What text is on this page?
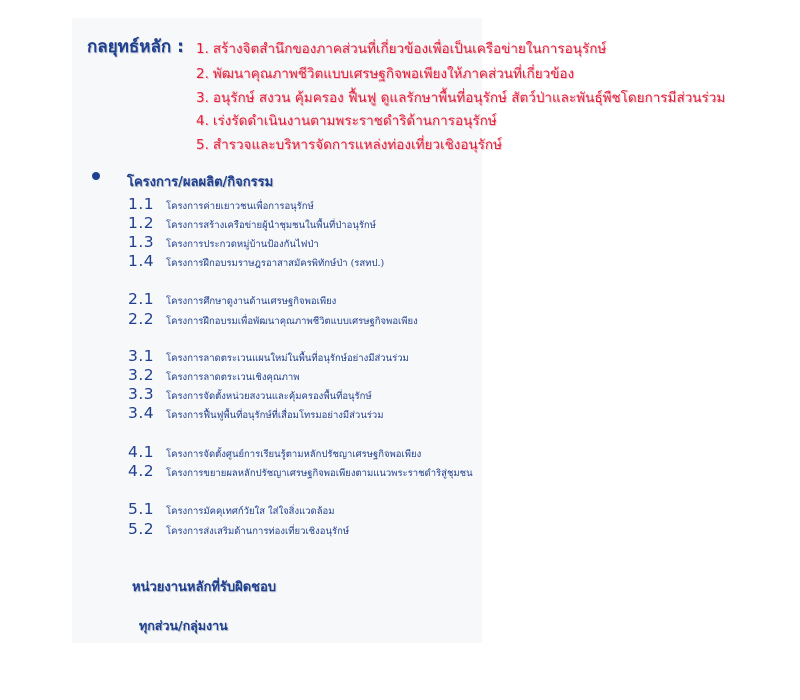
กลยุทธ์หลัก : 1. สร้างจิตสำนึกของภาคส่วนที่เกี่ยวข้องเพื่อเป็นเครือข่ายในการอนุรักษ์
2. พัฒนาคุณภาพชีวิตแบบเศรษฐกิจพอเพียงให้ภาคส่วนที่เกี่ยวข้อง
3. อนุรักษ์ สงวน คุ้มครอง ฟื้นฟู ดูแลรักษาพื้นที่อนุรักษ์ สัตว์ป่าและพันธุ์พืชโดยการมีส่วนร่วม
4. เร่งรัดดำเนินงานตามพระราชดำริด้านการอนุรักษ์
5. สำรวจและบริหารจัดการแหล่งท่องเที่ยวเชิงอนุรักษ์
โครงการ/ผลผลิต/กิจกรรม
1.1	โครงการค่ายเยาวชนเพื่อการอนุรักษ์
1.2	โครงการสร้างเครือข่ายผู้นำชุมชนในพื้นที่ป่าอนุรักษ์
1.3	โครงการประกวดหมู่บ้านป้องกันไฟป่า
1.4	โครงการฝึกอบรมราษฎรอาสาสมัครพิทักษ์ป่า (รสทป.)
2.1	โครงการศึกษาดูงานด้านเศรษฐกิจพอเพียง
2.2	โครงการฝึกอบรมเพื่อพัฒนาคุณภาพชีวิตแบบเศรษฐกิจพอเพียง
3.1	โครงการลาดตระเวนแผนใหม่ในพื้นที่อนุรักษ์อย่างมีส่วนร่วม
3.2	โครงการลาดตระเวนเชิงคุณภาพ
3.3	โครงการจัดตั้งหน่วยสงวนและคุ้มครองพื้นที่อนุรักษ์
3.4	โครงการฟื้นฟูพื้นที่อนุรักษ์ที่เสื่อมโทรมอย่างมีส่วนร่วม
4.1	โครงการจัดตั้งศูนย์การเรียนรู้ตามหลักปรัชญาเศรษฐกิจพอเพียง
4.2	โครงการขยายผลหลักปรัชญาเศรษฐกิจพอเพียงตามแนวพระราชดำริสู่ชุมชน
5.1	โครงการมัคคุเทศก์วัยใส ใส่ใจสิ่งแวดล้อม
5.2	โครงการส่งเสริมด้านการท่องเที่ยวเชิงอนุรักษ์
หน่วยงานหลักที่รับผิดชอบ
ทุกส่วน/กลุ่มงาน
